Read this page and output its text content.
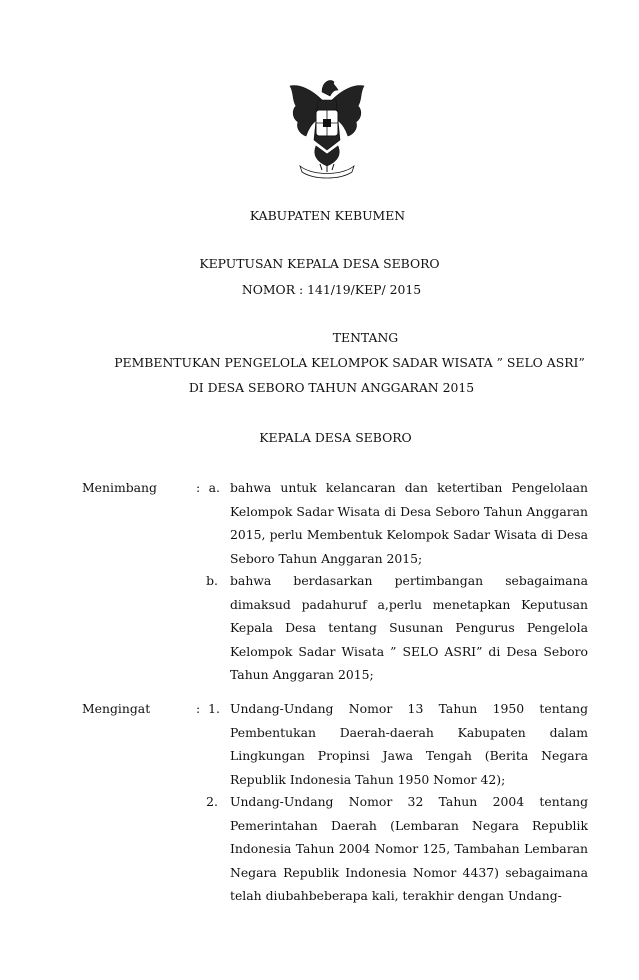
KABUPATEN KEBUMEN
KEPUTUSAN KEPALA DESA SEBORO
NOMOR : 141/19/KEP/ 2015
TENTANG
PEMBENTUKAN PENGELOLA KELOMPOK SADAR WISATA ” SELO ASRI”
DI DESA SEBORO TAHUN ANGGARAN 2015
KEPALA DESA SEBORO
Menimbang	: a. bahwa untuk kelancaran dan ketertiban Pengelolaan Kelompok Sadar Wisata di Desa Seboro Tahun Anggaran 2015, perlu Membentuk Kelompok Sadar Wisata di Desa Seboro Tahun Anggaran 2015;
b. bahwa berdasarkan pertimbangan sebagaimana dimaksud padahuruf a,perlu menetapkan Keputusan Kepala Desa tentang Susunan Pengurus Pengelola Kelompok Sadar Wisata ” SELO ASRI” di Desa Seboro Tahun Anggaran 2015;
Mengingat	: 1. Undang-Undang Nomor 13 Tahun 1950 tentang Pembentukan Daerah-daerah Kabupaten dalam Lingkungan Propinsi Jawa Tengah (Berita Negara Republik Indonesia Tahun 1950 Nomor 42);
2. Undang-Undang Nomor 32 Tahun 2004 tentang Pemerintahan Daerah (Lembaran Negara Republik Indonesia Tahun 2004 Nomor 125, Tambahan Lembaran Negara Republik Indonesia Nomor 4437) sebagaimana telah diubahbeberapa kali, terakhir dengan Undang-
